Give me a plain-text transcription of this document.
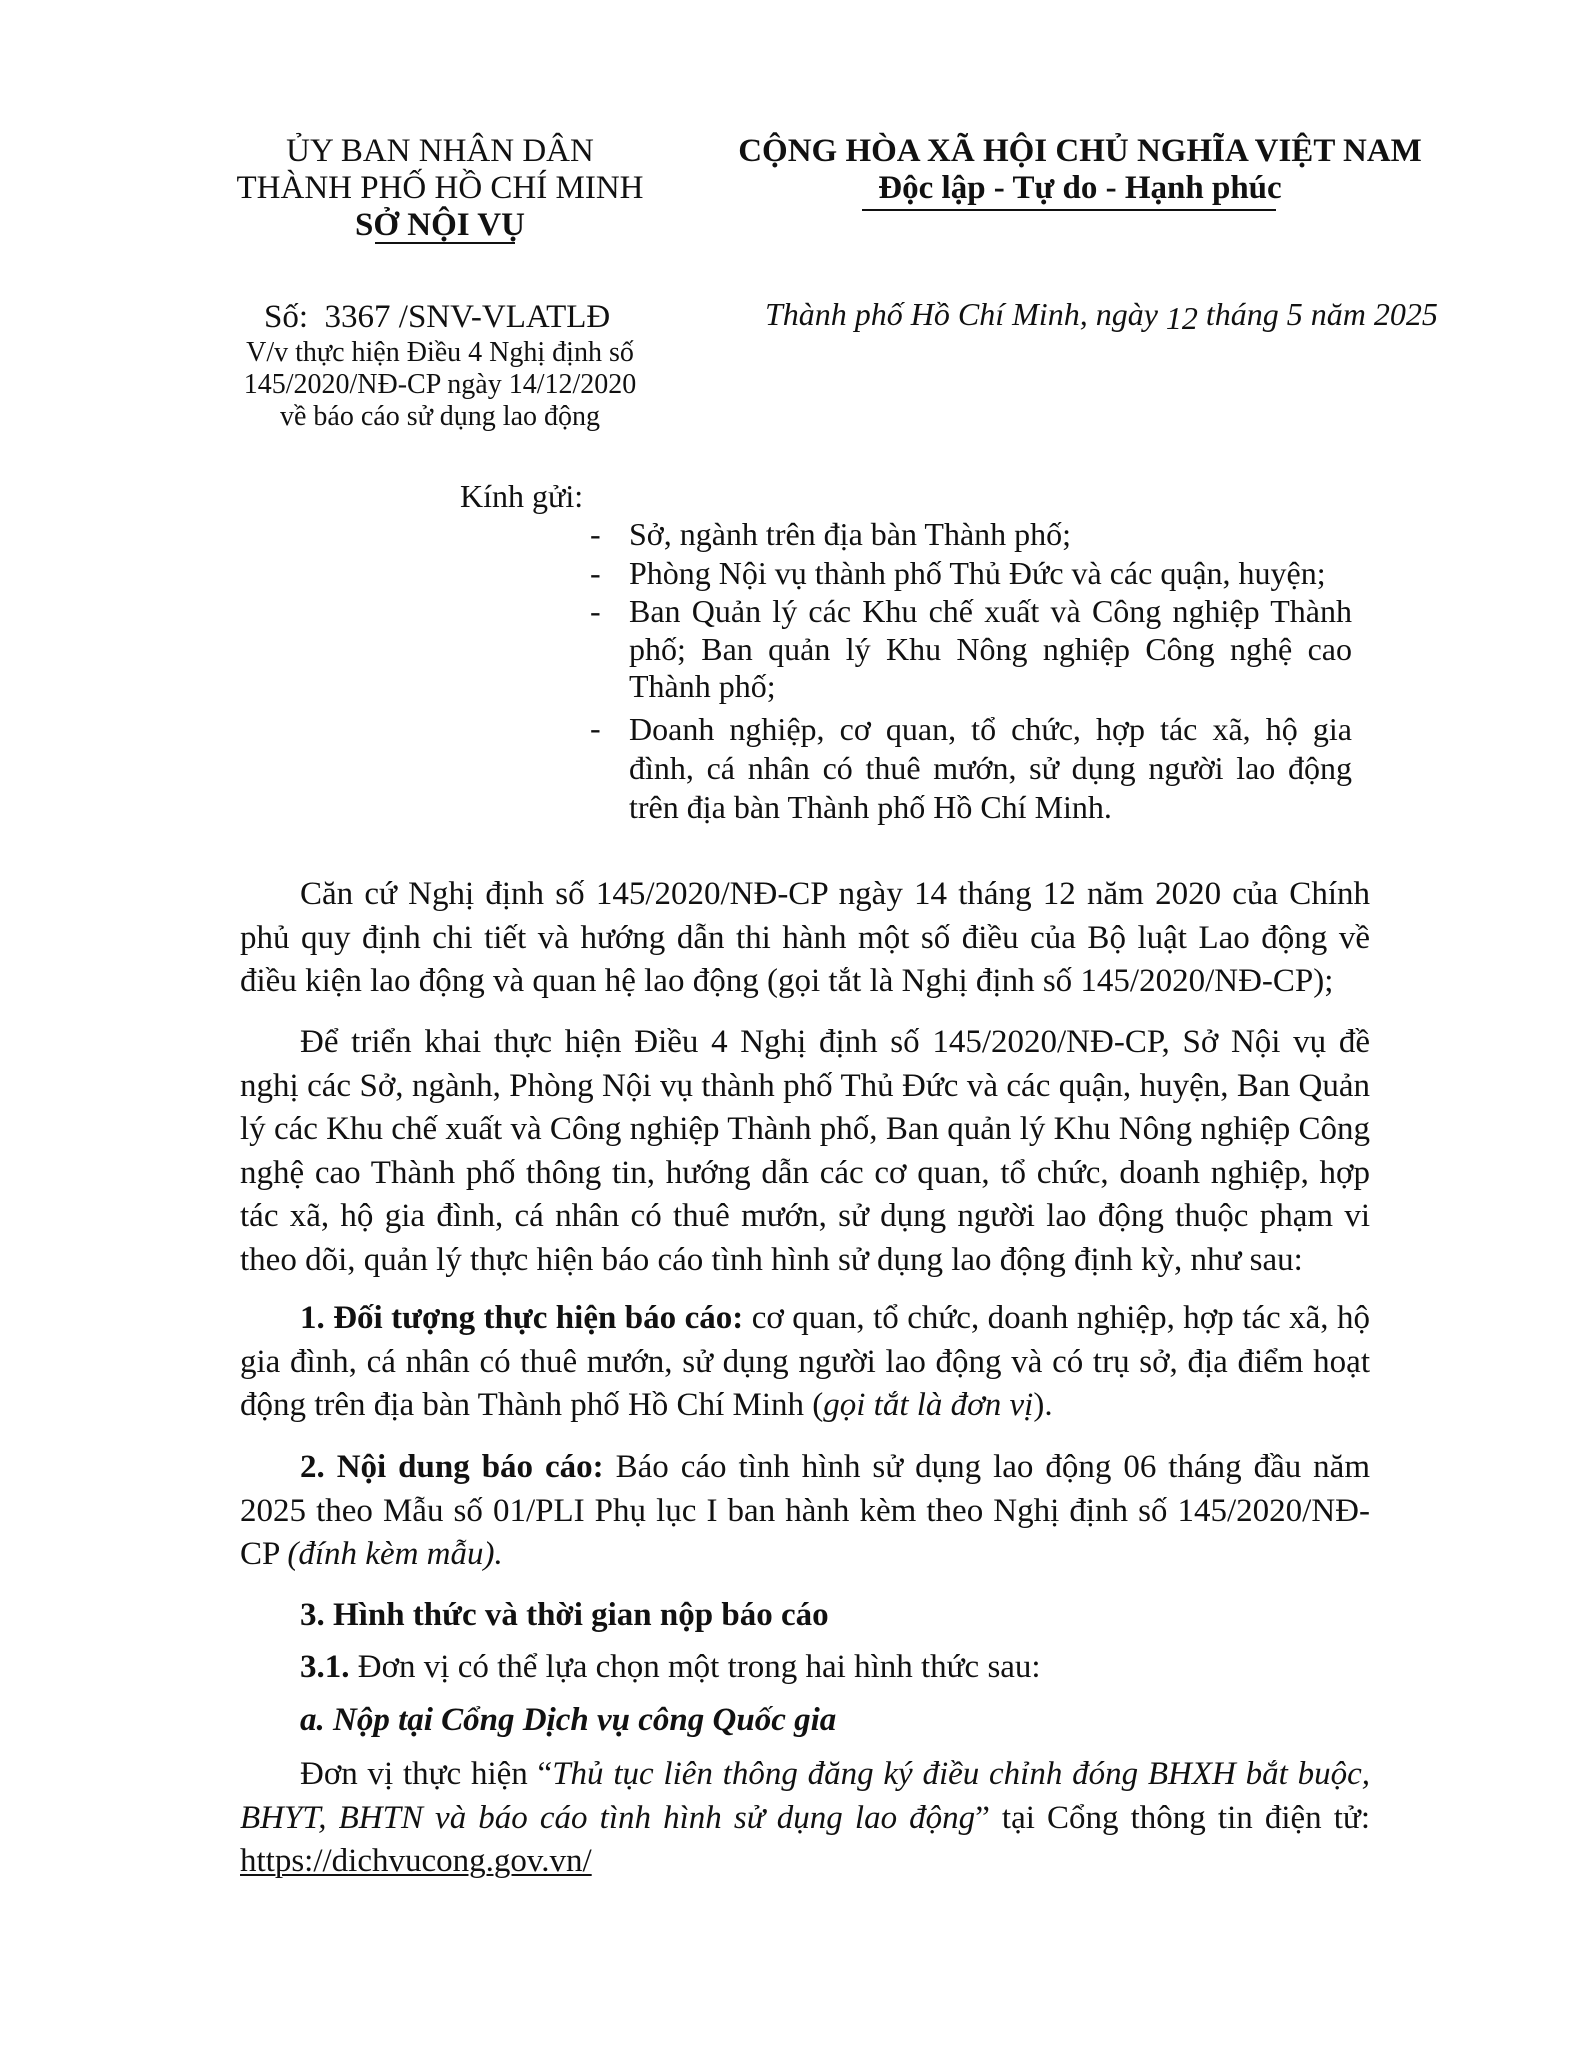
ỦY BAN NHÂN DÂN
THÀNH PHỐ HỒ CHÍ MINH
SỞ NỘI VỤ
CỘNG HÒA XÃ HỘI CHỦ NGHĨA VIỆT NAM
Độc lập - Tự do - Hạnh phúc
Số: 3367 /SNV-VLATLĐ
V/v thực hiện Điều 4 Nghị định số
145/2020/NĐ-CP ngày 14/12/2020
về báo cáo sử dụng lao động
Thành phố Hồ Chí Minh, ngày 12 tháng 5 năm 2025
Kính gửi:
- Sở, ngành trên địa bàn Thành phố;
- Phòng Nội vụ thành phố Thủ Đức và các quận, huyện;
- Ban Quản lý các Khu chế xuất và Công nghiệp Thành phố; Ban quản lý Khu Nông nghiệp Công nghệ cao Thành phố;
- Doanh nghiệp, cơ quan, tổ chức, hợp tác xã, hộ gia đình, cá nhân có thuê mướn, sử dụng người lao động trên địa bàn Thành phố Hồ Chí Minh.
Căn cứ Nghị định số 145/2020/NĐ-CP ngày 14 tháng 12 năm 2020 của Chính phủ quy định chi tiết và hướng dẫn thi hành một số điều của Bộ luật Lao động về điều kiện lao động và quan hệ lao động (gọi tắt là Nghị định số 145/2020/NĐ-CP);
Để triển khai thực hiện Điều 4 Nghị định số 145/2020/NĐ-CP, Sở Nội vụ đề nghị các Sở, ngành, Phòng Nội vụ thành phố Thủ Đức và các quận, huyện, Ban Quản lý các Khu chế xuất và Công nghiệp Thành phố, Ban quản lý Khu Nông nghiệp Công nghệ cao Thành phố thông tin, hướng dẫn các cơ quan, tổ chức, doanh nghiệp, hợp tác xã, hộ gia đình, cá nhân có thuê mướn, sử dụng người lao động thuộc phạm vi theo dõi, quản lý thực hiện báo cáo tình hình sử dụng lao động định kỳ, như sau:
1. Đối tượng thực hiện báo cáo: cơ quan, tổ chức, doanh nghiệp, hợp tác xã, hộ gia đình, cá nhân có thuê mướn, sử dụng người lao động và có trụ sở, địa điểm hoạt động trên địa bàn Thành phố Hồ Chí Minh (gọi tắt là đơn vị).
2. Nội dung báo cáo: Báo cáo tình hình sử dụng lao động 06 tháng đầu năm 2025 theo Mẫu số 01/PLI Phụ lục I ban hành kèm theo Nghị định số 145/2020/NĐ-CP (đính kèm mẫu).
3. Hình thức và thời gian nộp báo cáo
3.1. Đơn vị có thể lựa chọn một trong hai hình thức sau:
a. Nộp tại Cổng Dịch vụ công Quốc gia
Đơn vị thực hiện “Thủ tục liên thông đăng ký điều chỉnh đóng BHXH bắt buộc, BHYT, BHTN và báo cáo tình hình sử dụng lao động” tại Cổng thông tin điện tử: https://dichvucong.gov.vn/
